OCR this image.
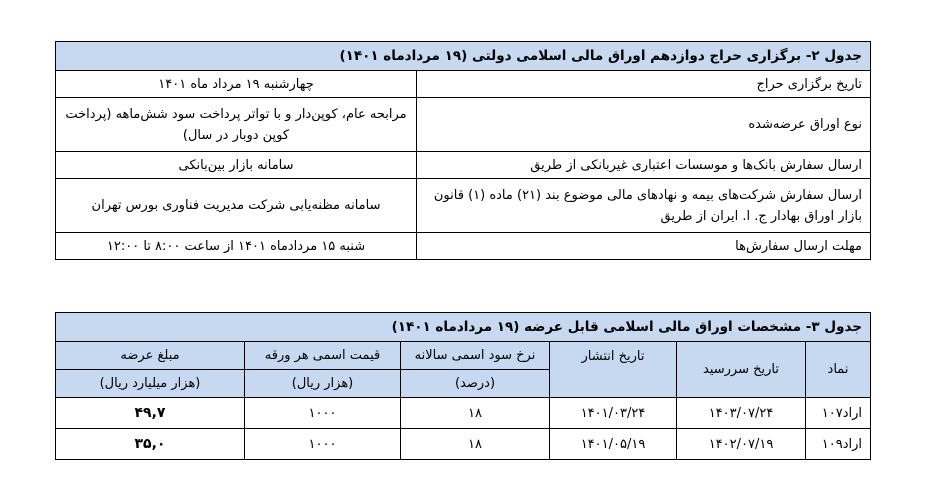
جدول ۲- برگزاری حراج دوازدهم اوراق مالی اسلامی دولتی (۱۹ مردادماه ۱۴۰۱)	
تاریخ برگزاری حراج	چهارشنبه ۱۹ مرداد ماه ۱۴۰۱
نوع اوراق عرضه‌شده	مرابحه عام، کوپن‌دار و با تواتر پرداخت سود شش‌ماهه (پرداخت کوپن دوبار در سال)
ارسال سفارش بانک‌ها و موسسات اعتباری غیربانکی از طریق	سامانه بازار بین‌بانکی
ارسال سفارش شرکت‌های بیمه و نهادهای مالی موضوع بند (۲۱) ماده (۱) قانون بازار اوراق بهادار ج. ا. ایران از طریق	سامانه مظنه‌یابی شرکت مدیریت فناوری بورس تهران
مهلت ارسال سفارش‌ها	شنبه ۱۵ مردادماه ۱۴۰۱ از ساعت ۸:۰۰ تا ۱۲:۰۰
جدول ۳- مشخصات اوراق مالی اسلامی قابل عرضه (۱۹ مردادماه ۱۴۰۱)					
نماد	تاریخ سررسید	تاریخ انتشار	نرخ سود اسمی سالانه	قیمت اسمی هر ورقه	مبلغ عرضه
			(درصد)	(هزار ریال)	(هزار میلیارد ریال)
اراد۱۰۷	۱۴۰۳/۰۷/۲۴	۱۴۰۱/۰۳/۲۴	۱۸	۱۰۰۰	۴۹,۷
اراد۱۰۹	۱۴۰۲/۰۷/۱۹	۱۴۰۱/۰۵/۱۹	۱۸	۱۰۰۰	۳۵,۰
